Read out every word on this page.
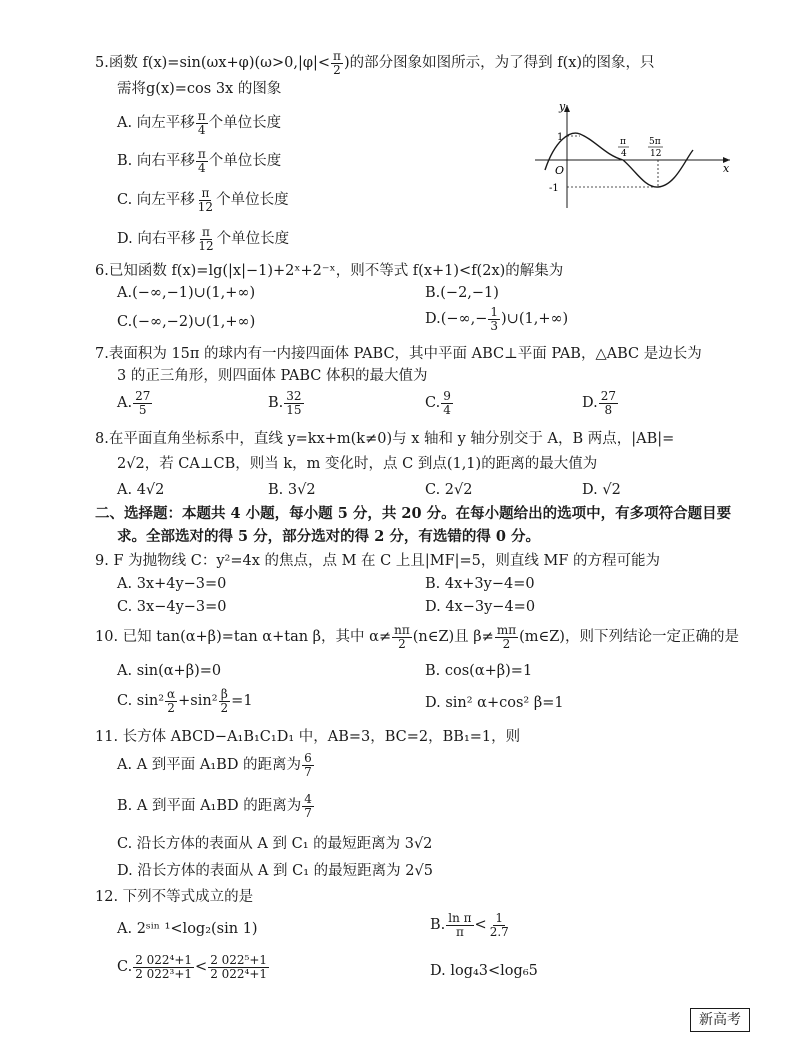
5.函数 $f(x)=\sin(\omega x+\varphi)(\omega>0,|\varphi|< \frac{\pi}{2}$ )的部分图象如图所示，为了得到 f(x)的图象，只
需将g(x)=cos 3x 的图象
A. 向左平移 $\frac{\pi}{4}$ 个单位长度
B. 向右平移 $\frac{\pi}{4}$ 个单位长度
C. 向左平移 $\frac{\pi}{12}$ 个单位长度
D. 向右平移 $\frac{\pi}{12}$ 个单位长度
y
x
O
1
-1
π
4
5π
12
6.已知函数 f(x)=lg(|x|−1)+2ˣ+2⁻ˣ，则不等式 f(x+1)<f(2x)的解集为
A.(−∞,−1)∪(1,+∞)	B.(−2,−1)
C.(−∞,−2)∪(1,+∞)	$D.(-\infty,- \frac{1}{3}$ )∪(1,+∞)
7.表面积为 15π 的球内有一内接四面体 PABC，其中平面 ABC⊥平面 PAB，△ABC 是边长为
3 的正三角形，则四面体 PABC 体积的最大值为
A. $\frac{27}{5}$	B. $\frac{32}{15}$	C. $\frac{9}{4}$	D. $\frac{27}{8}$
8.在平面直角坐标系中，直线 y=kx+m(k≠0)与 x 轴和 y 轴分别交于 A，B 两点，|AB|=
2√2，若 CA⊥CB，则当 k，m 变化时，点 C 到点(1,1)的距离的最大值为
A. 4√2	B. 3√2	C. 2√2	D. √2
二、选择题：本题共 4 小题，每小题 5 分，共 20 分。在每小题给出的选项中，有多项符合题目要
求。全部选对的得 5 分，部分选对的得 2 分，有选错的得 0 分。
9. F 为抛物线 C：y²=4x 的焦点，点 M 在 C 上且|MF|=5，则直线 MF 的方程可能为
A. 3x+4y−3=0	B. 4x+3y−4=0
C. 3x−4y−3=0	D. 4x−3y−4=0
10. 已知 tan(α+β)=tan α+tan β，其中 $\alpha\ne \frac{n\pi}{2}$ (n∈Z)且 $\beta\ne \frac{m\pi}{2}$ (m∈Z)，则下列结论一定正确的是
A. sin(α+β)=0	B. cos(α+β)=1
C. $\sin^2 \frac{\alpha}{2} +\sin^2 \frac{\beta}{2} =1$	D. sin² α+cos² β=1
11. 长方体 ABCD−A₁B₁C₁D₁ 中，AB=3，BC=2，BB₁=1，则
A. A 到平面 A₁BD 的距离为 $\frac{6}{7}$
B. A 到平面 A₁BD 的距离为 $\frac{4}{7}$
C. 沿长方体的表面从 A 到 C₁ 的最短距离为 3√2
D. 沿长方体的表面从 A 到 C₁ 的最短距离为 2√5
12. 下列不等式成立的是
A. 2ˢⁱⁿ ¹<log₂(sin 1)	B. $\frac{\text{ln π}}{\pi} < \frac{1}{2.7}$
C. $\frac{\text{2 022⁴+1}}{\text{2 022³+1}} < \frac{\text{2 022⁵+1}}{\text{2 022⁴+1}}$	D. log₄3<log₆5
新高考
